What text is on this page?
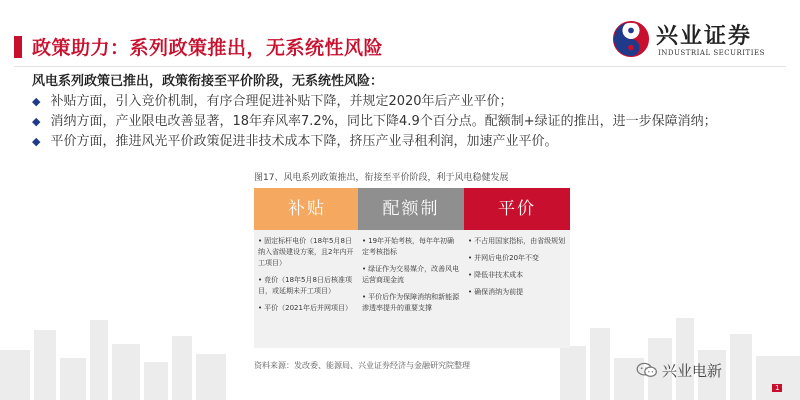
政策助力：系列政策推出，无系统性风险	兴业证券
INDUSTRIAL SECURITIES
风电系列政策已推出，政策衔接至平价阶段，无系统性风险：
◆ 补贴方面，引入竞价机制，有序合理促进补贴下降，并规定2020年后产业平价；
◆ 消纳方面，产业限电改善显著，18年弃风率7.2%，同比下降4.9个百分点。配额制+绿证的推出，进一步保障消纳；
◆ 平价方面，推进风光平价政策促进非技术成本下降，挤压产业寻租利润，加速产业平价。
图17、风电系列政策推出，衔接至平价阶段，利于风电稳健发展
补贴
• 固定标杆电价（18年5月8日纳入省级建设方案，且2年内开工项目）
• 竞价（18年5月8日后核准项目，或延期未开工项目）
• 平价（2021年后并网项目）
配额制
• 19年开始考核，每年年初确定考核指标
• 绿证作为交易媒介，改善风电运营商现金流
• 平价后作为保障消纳和新能源渗透率提升的重要支撑
平价
• 不占用国家指标，由省级规划
• 并网后电价20年不变
• 降低非技术成本
• 确保消纳为前提
资料来源：发改委、能源局、兴业证券经济与金融研究院整理	兴业电新
1
